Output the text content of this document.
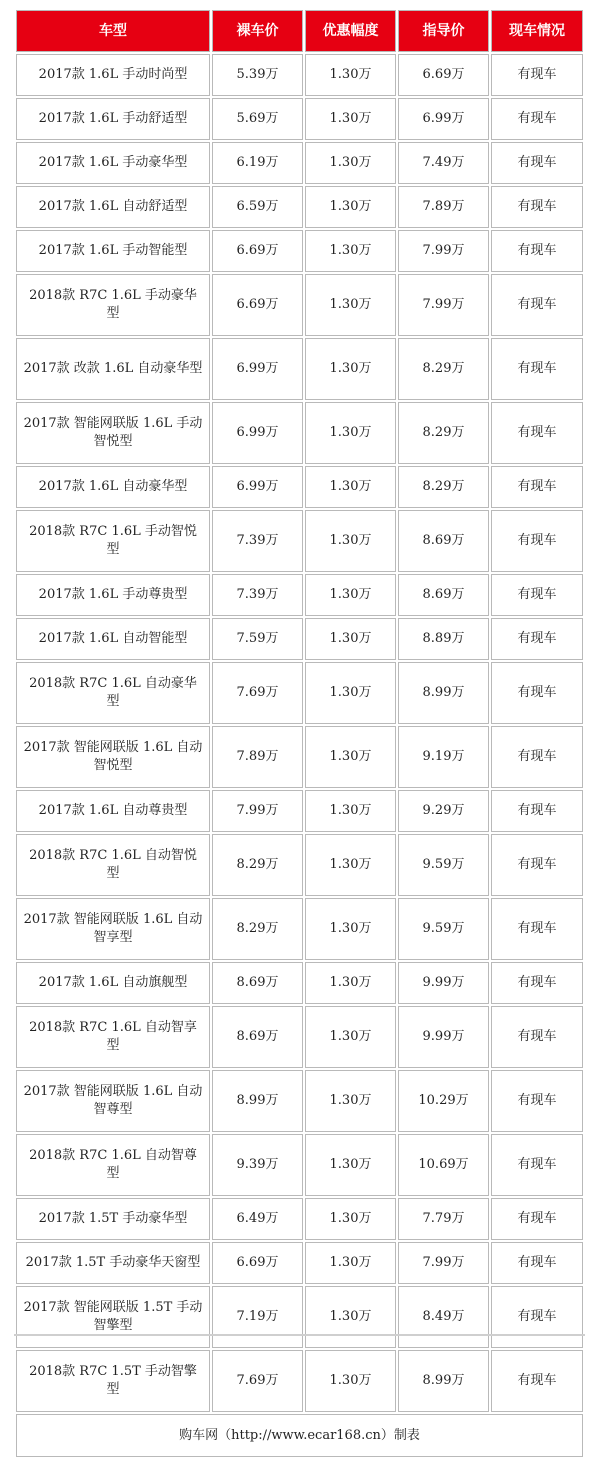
车型	裸车价	优惠幅度	指导价	现车情况
2017款 1.6L 手动时尚型	5.39万	1.30万	6.69万	有现车
2017款 1.6L 手动舒适型	5.69万	1.30万	6.99万	有现车
2017款 1.6L 手动豪华型	6.19万	1.30万	7.49万	有现车
2017款 1.6L 自动舒适型	6.59万	1.30万	7.89万	有现车
2017款 1.6L 手动智能型	6.69万	1.30万	7.99万	有现车
2018款 R7C 1.6L 手动豪华型	6.69万	1.30万	7.99万	有现车
2017款 改款 1.6L 自动豪华型	6.99万	1.30万	8.29万	有现车
2017款 智能网联版 1.6L 手动智悦型	6.99万	1.30万	8.29万	有现车
2017款 1.6L 自动豪华型	6.99万	1.30万	8.29万	有现车
2018款 R7C 1.6L 手动智悦型	7.39万	1.30万	8.69万	有现车
2017款 1.6L 手动尊贵型	7.39万	1.30万	8.69万	有现车
2017款 1.6L 自动智能型	7.59万	1.30万	8.89万	有现车
2018款 R7C 1.6L 自动豪华型	7.69万	1.30万	8.99万	有现车
2017款 智能网联版 1.6L 自动智悦型	7.89万	1.30万	9.19万	有现车
2017款 1.6L 自动尊贵型	7.99万	1.30万	9.29万	有现车
2018款 R7C 1.6L 自动智悦型	8.29万	1.30万	9.59万	有现车
2017款 智能网联版 1.6L 自动智享型	8.29万	1.30万	9.59万	有现车
2017款 1.6L 自动旗舰型	8.69万	1.30万	9.99万	有现车
2018款 R7C 1.6L 自动智享型	8.69万	1.30万	9.99万	有现车
2017款 智能网联版 1.6L 自动智尊型	8.99万	1.30万	10.29万	有现车
2018款 R7C 1.6L 自动智尊型	9.39万	1.30万	10.69万	有现车
2017款 1.5T 手动豪华型	6.49万	1.30万	7.79万	有现车
2017款 1.5T 手动豪华天窗型	6.69万	1.30万	7.99万	有现车
2017款 智能网联版 1.5T 手动智擎型	7.19万	1.30万	8.49万	有现车
2018款 R7C 1.5T 手动智擎型	7.69万	1.30万	8.99万	有现车
购车网（http://www.ecar168.cn）制表				
